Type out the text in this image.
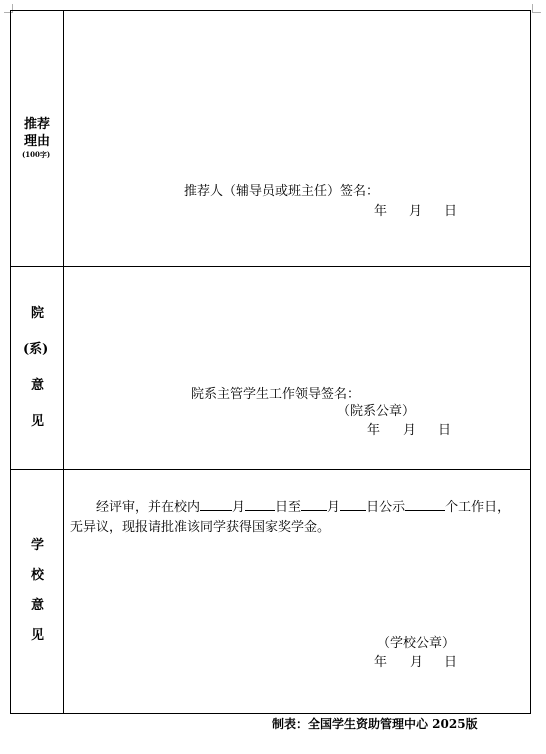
推荐
理由
(100字)
推荐人（辅导员或班主任）签名：
年 月 日
院
(系)
意
见
院系主管学生工作领导签名：
（院系公章）
年 月 日
学
校
意
见
经评审，并在校内 月 日至 月 日公示	个工作日，
无异议，现报请批准该同学获得国家奖学金。
（学校公章）
年 月 日
制表：全国学生资助管理中心 2025版
